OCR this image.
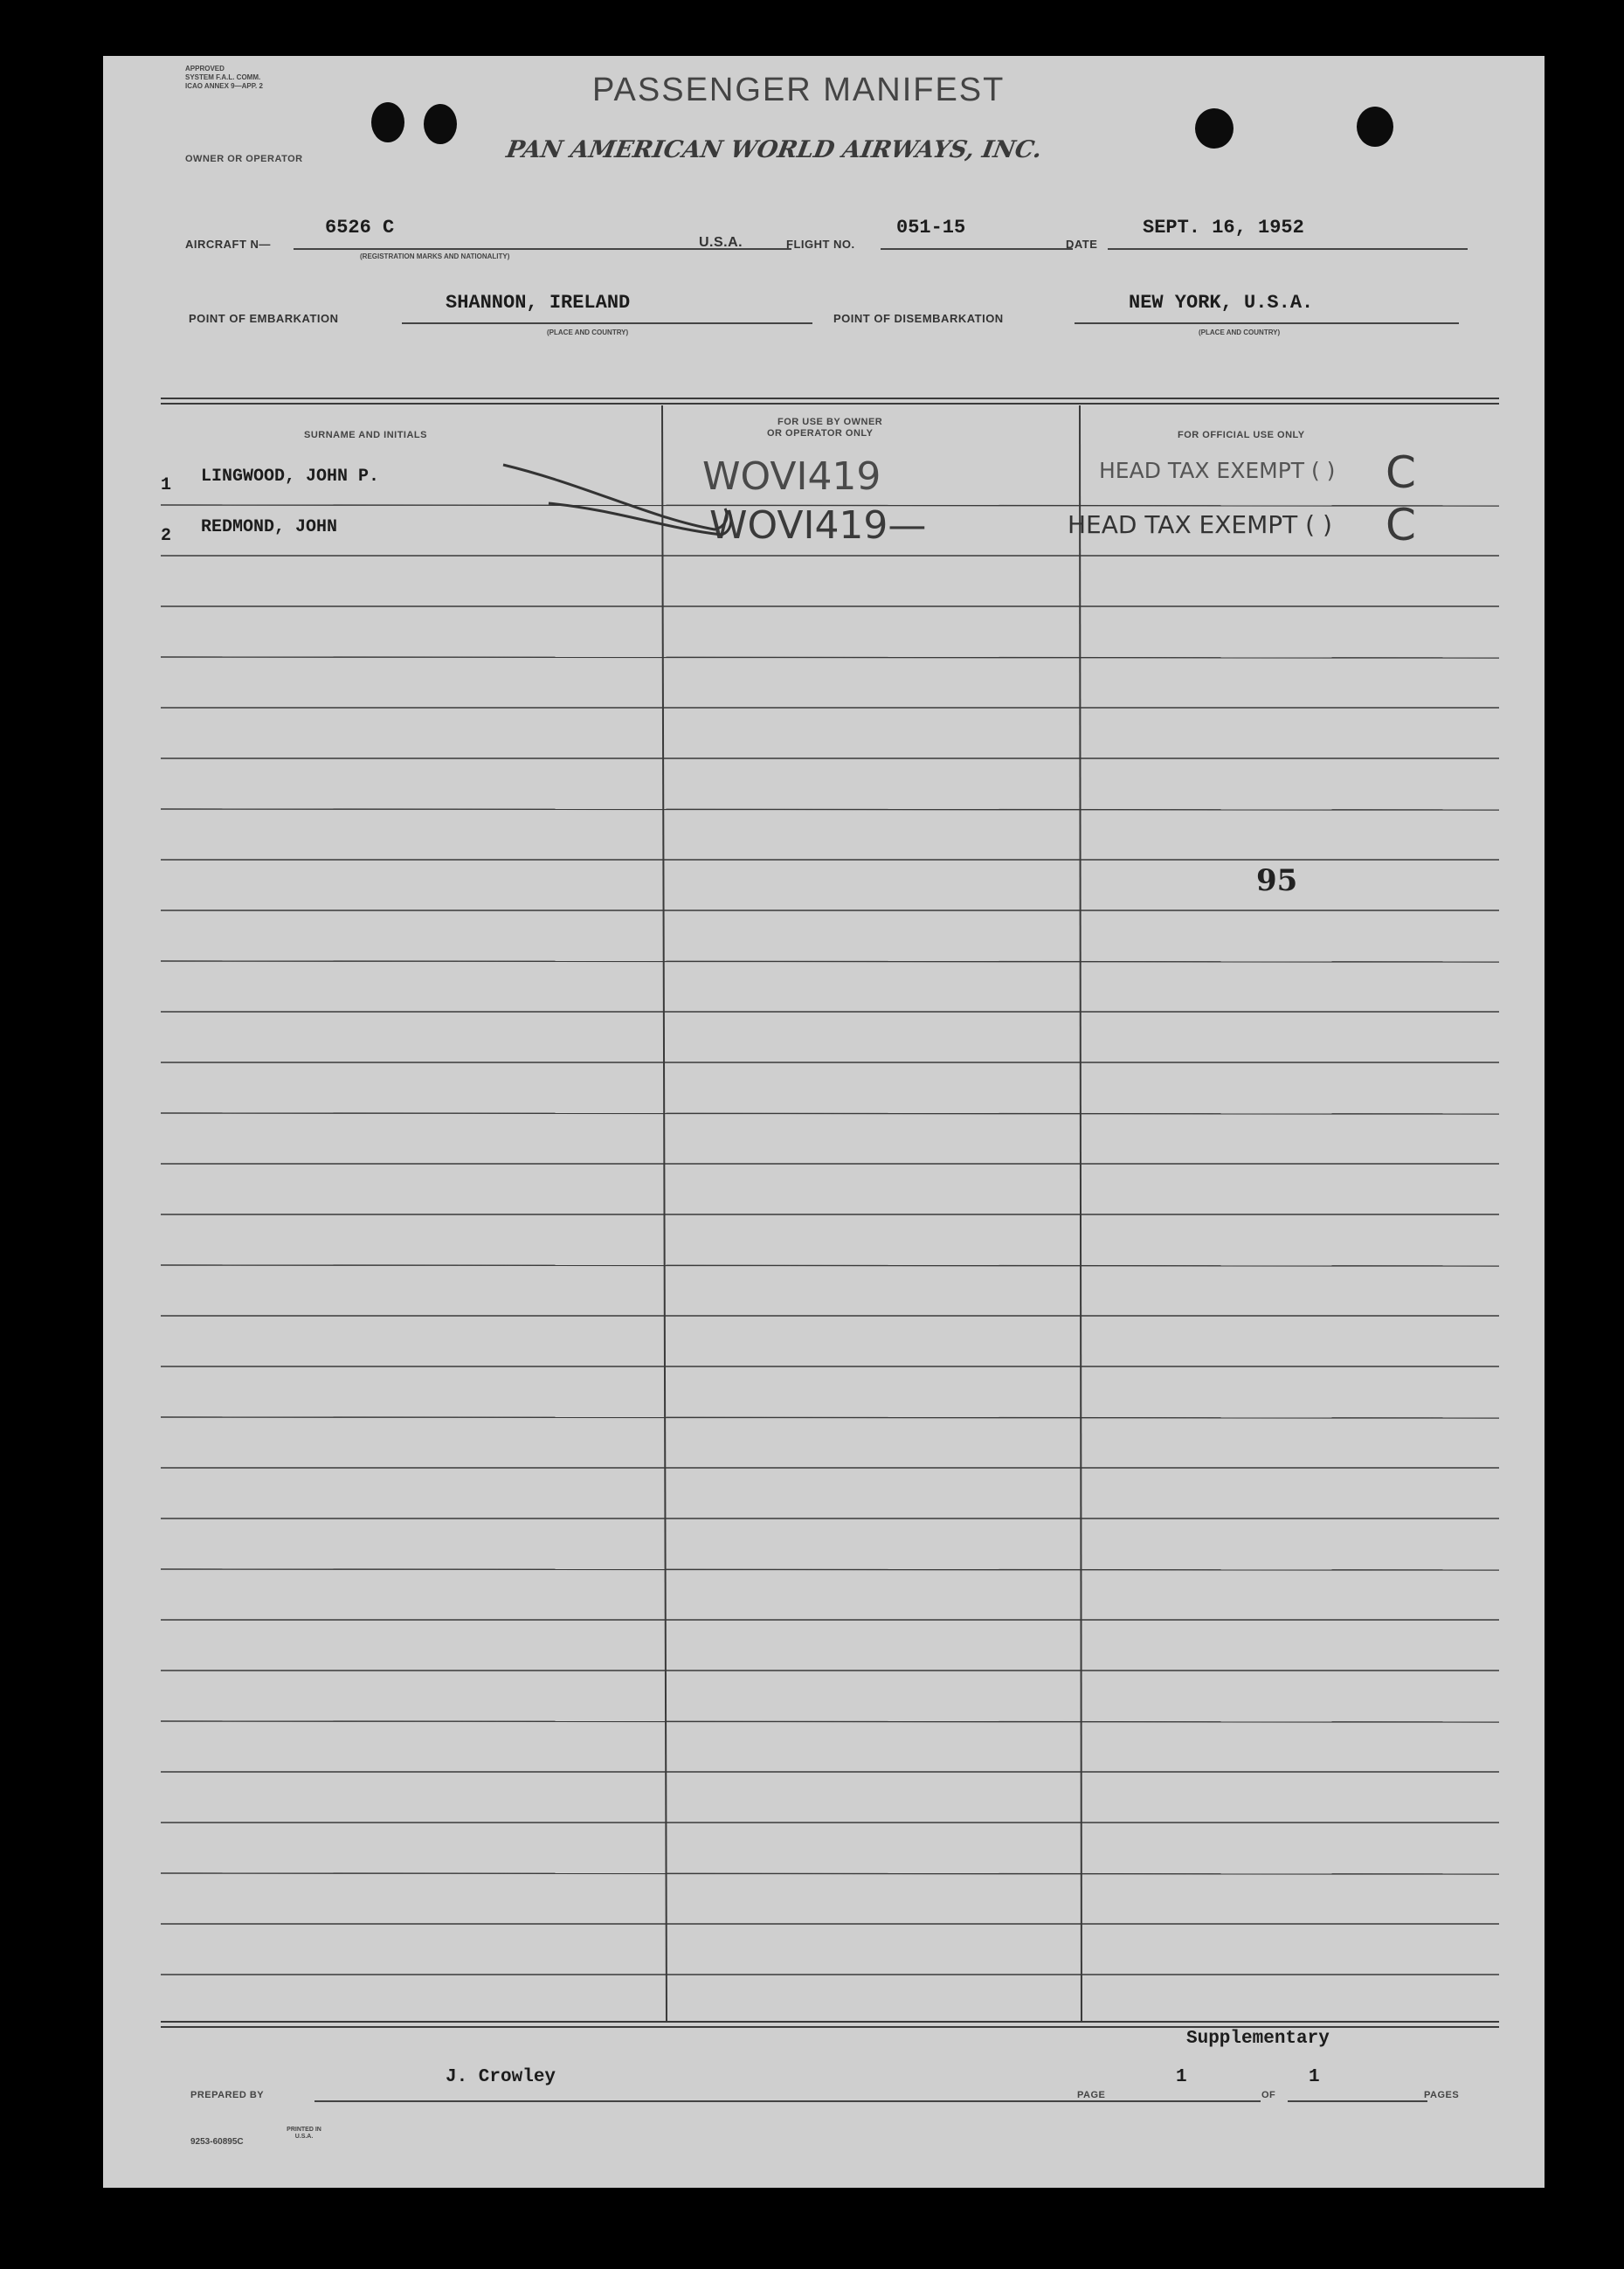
APPROVED
SYSTEM F.A.L. COMM.
ICAO ANNEX 9—APP. 2	PASSENGER MANIFEST
OWNER OR OPERATOR	PAN AMERICAN WORLD AIRWAYS, INC.
AIRCRAFT N—
6526 C
(REGISTRATION MARKS AND NATIONALITY)
U.S.A.	FLIGHT NO.
051-15
DATE
SEPT. 16, 1952
POINT OF EMBARKATION
SHANNON, IRELAND
(PLACE AND COUNTRY)
POINT OF DISEMBARKATION
NEW YORK, U.S.A.
(PLACE AND COUNTRY)
SURNAME AND INITIALS
FOR USE BY OWNER
OR OPERATOR ONLY	FOR OFFICIAL USE ONLY
1 LINGWOOD, JOHN P.	WOVI419	HEAD TAX EXEMPT ( ) C
2 REDMOND, JOHN	WOVI419—	HEAD TAX EXEMPT ( ) C
95
Supplementary
PREPARED BY
J. Crowley
PAGE
1
OF
1
PAGES
9253-60895C
PRINTED IN U.S.A.
